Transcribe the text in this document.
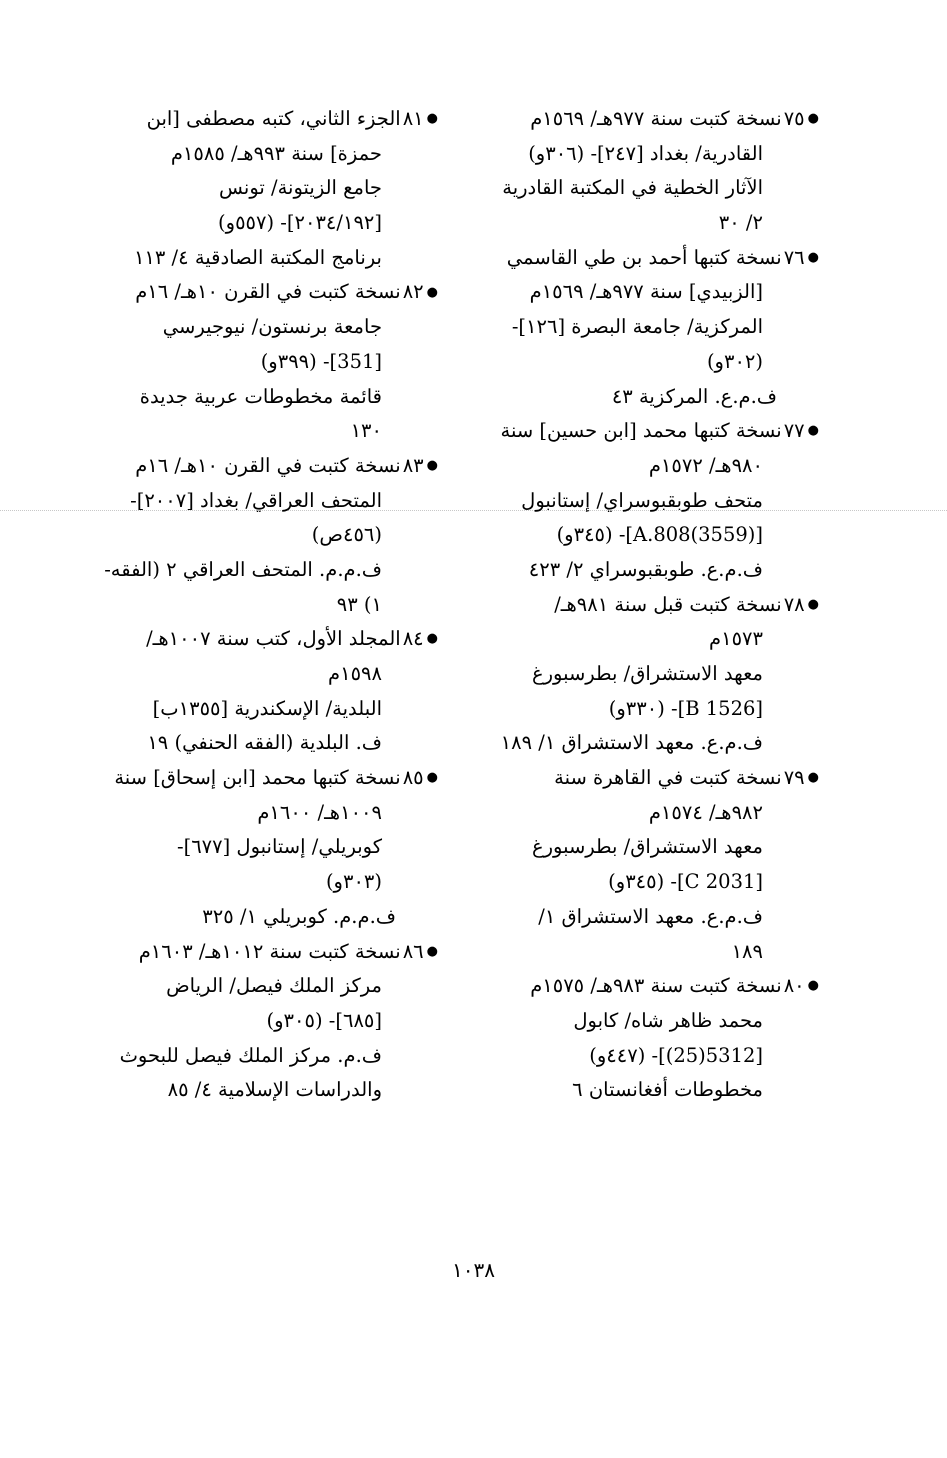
●٧٥نسخة كتبت سنة ٩٧٧هـ/ ١٥٦٩م
القادرية/ بغداد [٢٤٧]- (٣٠٦و)
الآثار الخطية في المكتبة القادرية
٢/ ٣٠
●٧٦نسخة كتبها أحمد بن طي القاسمي
[الزبيدي] سنة ٩٧٧هـ/ ١٥٦٩م
المركزية/ جامعة البصرة [١٢٦]-
(٣٠٢و)
ف.م.ع. المركزية ٤٣
●٧٧نسخة كتبها محمد [ابن حسين] سنة
٩٨٠هـ/ ١٥٧٢م
متحف طوبقبوسراي/ إستانبول
[A.808(3559)]- (٣٤٥و)
ف.م.ع. طوبقبوسراي ٢/ ٤٢٣
●٧٨نسخة كتبت قبل سنة ٩٨١هـ/
١٥٧٣م
معهد الاستشراق/ بطرسبورغ
[B 1526]- (٣٣٠و)
ف.م.ع. معهد الاستشراق ١/ ١٨٩
●٧٩نسخة كتبت في القاهرة سنة
٩٨٢هـ/ ١٥٧٤م
معهد الاستشراق/ بطرسبورغ
[C 2031]- (٣٤٥و)
ف.م.ع. معهد الاستشراق ١/
١٨٩
●٨٠نسخة كتبت سنة ٩٨٣هـ/ ١٥٧٥م
محمد ظاهر شاه/ كابول
[5312(25)]- (٤٤٧و)
مخطوطات أفغانستان ٦
●٨١الجزء الثاني، كتبه مصطفى [ابن
حمزة] سنة ٩٩٣هـ/ ١٥٨٥م
جامع الزيتونة/ تونس
[٢٠٣٤/١٩٢]- (٥٥٧و)
برنامج المكتبة الصادقية ٤/ ١١٣
●٨٢نسخة كتبت في القرن ١٠هـ/ ١٦م
جامعة برنستون/ نيوجيرسي
[351]- (٣٩٩و)
قائمة مخطوطات عربية جديدة
١٣٠
●٨٣نسخة كتبت في القرن ١٠هـ/ ١٦م
المتحف العراقي/ بغداد [٢٠٠٧]-
(٤٥٦ص)
ف.م.م. المتحف العراقي ٢ (الفقه-
١) ٩٣
●٨٤المجلد الأول، كتب سنة ١٠٠٧هـ/
١٥٩٨م
البلدية/ الإسكندرية [١٣٥٥ب]
ف. البلدية (الفقه الحنفي) ١٩
●٨٥نسخة كتبها محمد [ابن إسحاق] سنة
١٠٠٩هـ/ ١٦٠٠م
كوبريلي/ إستانبول [٦٧٧]-
(٣٠٣و)
ف.م.م. كوبريلي ١/ ٣٢٥
●٨٦نسخة كتبت سنة ١٠١٢هـ/ ١٦٠٣م
مركز الملك فيصل/ الرياض
[٦٨٥]- (٣٠٥و)
ف.م. مركز الملك فيصل للبحوث
والدراسات الإسلامية ٤/ ٨٥
١٠٣٨
